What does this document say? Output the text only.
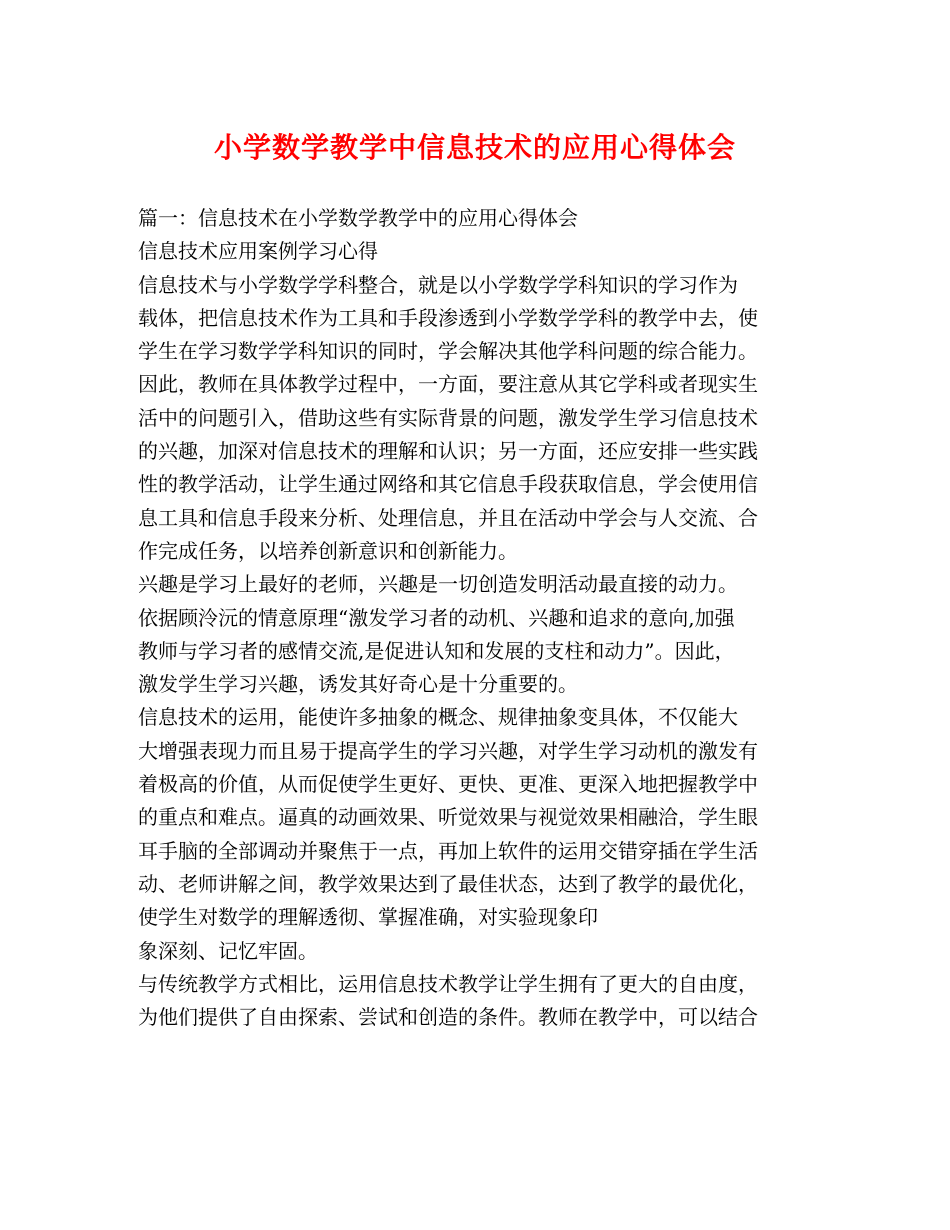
小学数学教学中信息技术的应用心得体会
篇一：信息技术在小学数学教学中的应用心得体会
信息技术应用案例学习心得
信息技术与小学数学学科整合，就是以小学数学学科知识的学习作为
载体，把信息技术作为工具和手段渗透到小学数学学科的教学中去，使
学生在学习数学学科知识的同时，学会解决其他学科问题的综合能力。
因此，教师在具体教学过程中，一方面，要注意从其它学科或者现实生
活中的问题引入，借助这些有实际背景的问题，激发学生学习信息技术
的兴趣，加深对信息技术的理解和认识；另一方面，还应安排一些实践
性的教学活动，让学生通过网络和其它信息手段获取信息，学会使用信
息工具和信息手段来分析、处理信息，并且在活动中学会与人交流、合
作完成任务，以培养创新意识和创新能力。
兴趣是学习上最好的老师，兴趣是一切创造发明活动最直接的动力。
依据顾泠沅的情意原理“激发学习者的动机、兴趣和追求的意向,加强
教师与学习者的感情交流,是促进认知和发展的支柱和动力”。因此，
激发学生学习兴趣，诱发其好奇心是十分重要的。
信息技术的运用，能使许多抽象的概念、规律抽象变具体，不仅能大
大增强表现力而且易于提高学生的学习兴趣，对学生学习动机的激发有
着极高的价值，从而促使学生更好、更快、更准、更深入地把握教学中
的重点和难点。逼真的动画效果、听觉效果与视觉效果相融洽，学生眼
耳手脑的全部调动并聚焦于一点，再加上软件的运用交错穿插在学生活
动、老师讲解之间，教学效果达到了最佳状态，达到了教学的最优化，
使学生对数学的理解透彻、掌握准确，对实验现象印
象深刻、记忆牢固。
与传统教学方式相比，运用信息技术教学让学生拥有了更大的自由度，
为他们提供了自由探索、尝试和创造的条件。教师在教学中，可以结合
